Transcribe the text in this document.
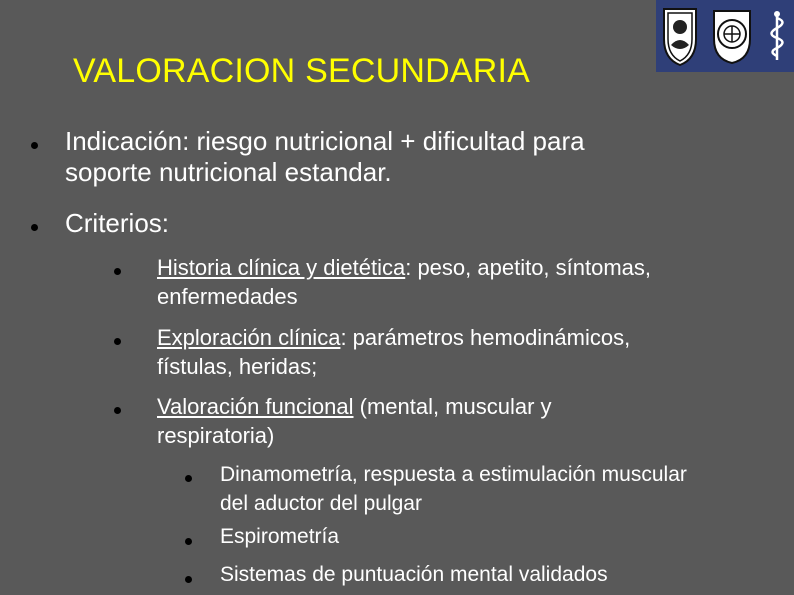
VALORACION SECUNDARIA
Indicación: riesgo nutricional + dificultad para
soporte nutricional estandar.
Criterios:
Historia clínica y dietética: peso, apetito, síntomas,
enfermedades
Exploración clínica: parámetros hemodinámicos,
fístulas, heridas;
Valoración funcional (mental, muscular y
respiratoria)
Dinamometría, respuesta a estimulación muscular
del aductor del pulgar
Espirometría
Sistemas de puntuación mental validados
